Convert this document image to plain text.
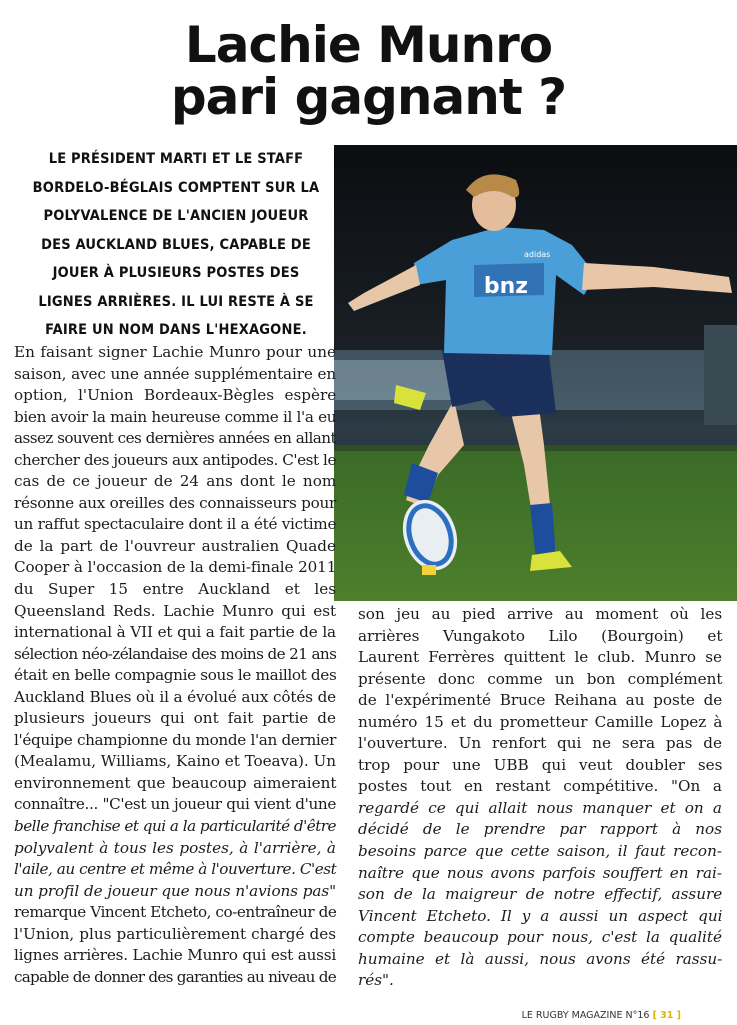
Lachie Munro
pari gagnant ?
LE PRÉSIDENT MARTI ET LE STAFF
BORDELO-BÉGLAIS COMPTENT SUR LA
POLYVALENCE DE L'ANCIEN JOUEUR
DES AUCKLAND BLUES, CAPABLE DE
JOUER À PLUSIEURS POSTES DES
LIGNES ARRIÈRES. IL LUI RESTE À SE
FAIRE UN NOM DANS L'HEXAGONE.
bnz
adidas
En faisant signer Lachie Munro pour une
saison, avec une année supplémentaire en
option, l'Union Bordeaux-Bègles espère
bien avoir la main heureuse comme il l'a eu
assez souvent ces dernières années en allant
chercher des joueurs aux antipodes. C'est le
cas de ce joueur de 24 ans dont le nom
résonne aux oreilles des connaisseurs pour
un raffut spectaculaire dont il a été victime
de la part de l'ouvreur australien Quade
Cooper à l'occasion de la demi-finale 2011
du Super 15 entre Auckland et les
Queensland Reds. Lachie Munro qui est
international à VII et qui a fait partie de la
sélection néo-zélandaise des moins de 21 ans
était en belle compagnie sous le maillot des
Auckland Blues où il a évolué aux côtés de
plusieurs joueurs qui ont fait partie de
l'équipe championne du monde l'an dernier
(Mealamu, Williams, Kaino et Toeava). Un
environnement que beaucoup aimeraient
connaître... "C'est un joueur qui vient d'une
belle franchise et qui a la particularité d'être
polyvalent à tous les postes, à l'arrière, à
l'aile, au centre et même à l'ouverture. C'est
un profil de joueur que nous n'avions pas"
remarque Vincent Etcheto, co-entraîneur de
l'Union, plus particulièrement chargé des
lignes arrières. Lachie Munro qui est aussi
capable de donner des garanties au niveau de
son jeu au pied arrive au moment où les
arrières Vungakoto Lilo (Bourgoin) et
Laurent Ferrères quittent le club. Munro se
présente donc comme un bon complément
de l'expérimenté Bruce Reihana au poste de
numéro 15 et du prometteur Camille Lopez à
l'ouverture. Un renfort qui ne sera pas de
trop pour une UBB qui veut doubler ses
postes tout en restant compétitive. "On a
regardé ce qui allait nous manquer et on a
décidé de le prendre par rapport à nos
besoins parce que cette saison, il faut recon-
naître que nous avons parfois souffert en rai-
son de la maigreur de notre effectif, assure
Vincent Etcheto. Il y a aussi un aspect qui
compte beaucoup pour nous, c'est la qualité
humaine et là aussi, nous avons été rassu-
rés".
LE RUGBY MAGAZINE N°16 [ 31 ]
